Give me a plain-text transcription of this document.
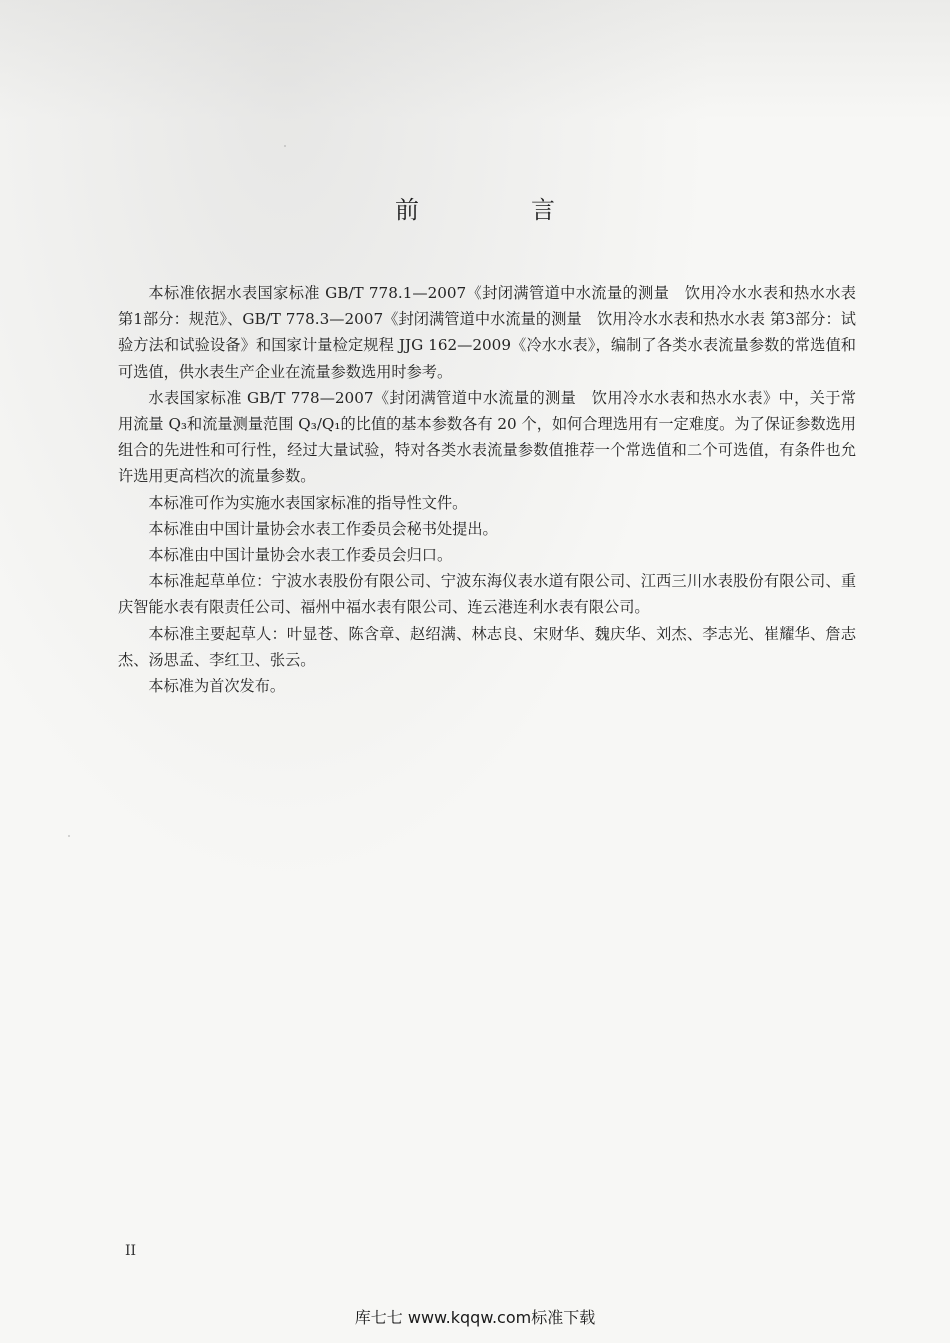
前　言

本标准依据水表国家标准 GB/T 778.1—2007《封闭满管道中水流量的测量　饮用冷水水表和热水水表 第1部分：规范》、GB/T 778.3—2007《封闭满管道中水流量的测量　饮用冷水水表和热水水表 第3部分：试验方法和试验设备》和国家计量检定规程 JJG 162—2009《冷水水表》，编制了各类水表流量参数的常选值和可选值，供水表生产企业在流量参数选用时参考。

水表国家标准 GB/T 778—2007《封闭满管道中水流量的测量　饮用冷水水表和热水水表》中，关于常用流量 Q₃和流量测量范围 Q₃/Q₁的比值的基本参数各有 20 个，如何合理选用有一定难度。为了保证参数选用组合的先进性和可行性，经过大量试验，特对各类水表流量参数值推荐一个常选值和二个可选值，有条件也允许选用更高档次的流量参数。

本标准可作为实施水表国家标准的指导性文件。

本标准由中国计量协会水表工作委员会秘书处提出。

本标准由中国计量协会水表工作委员会归口。

本标准起草单位：宁波水表股份有限公司、宁波东海仪表水道有限公司、江西三川水表股份有限公司、重庆智能水表有限责任公司、福州中福水表有限公司、连云港连利水表有限公司。

本标准主要起草人：叶显苍、陈含章、赵绍满、林志良、宋财华、魏庆华、刘杰、李志光、崔耀华、詹志杰、汤思孟、李红卫、张云。

本标准为首次发布。

II
库七七 www.kqqw.com标准下载
